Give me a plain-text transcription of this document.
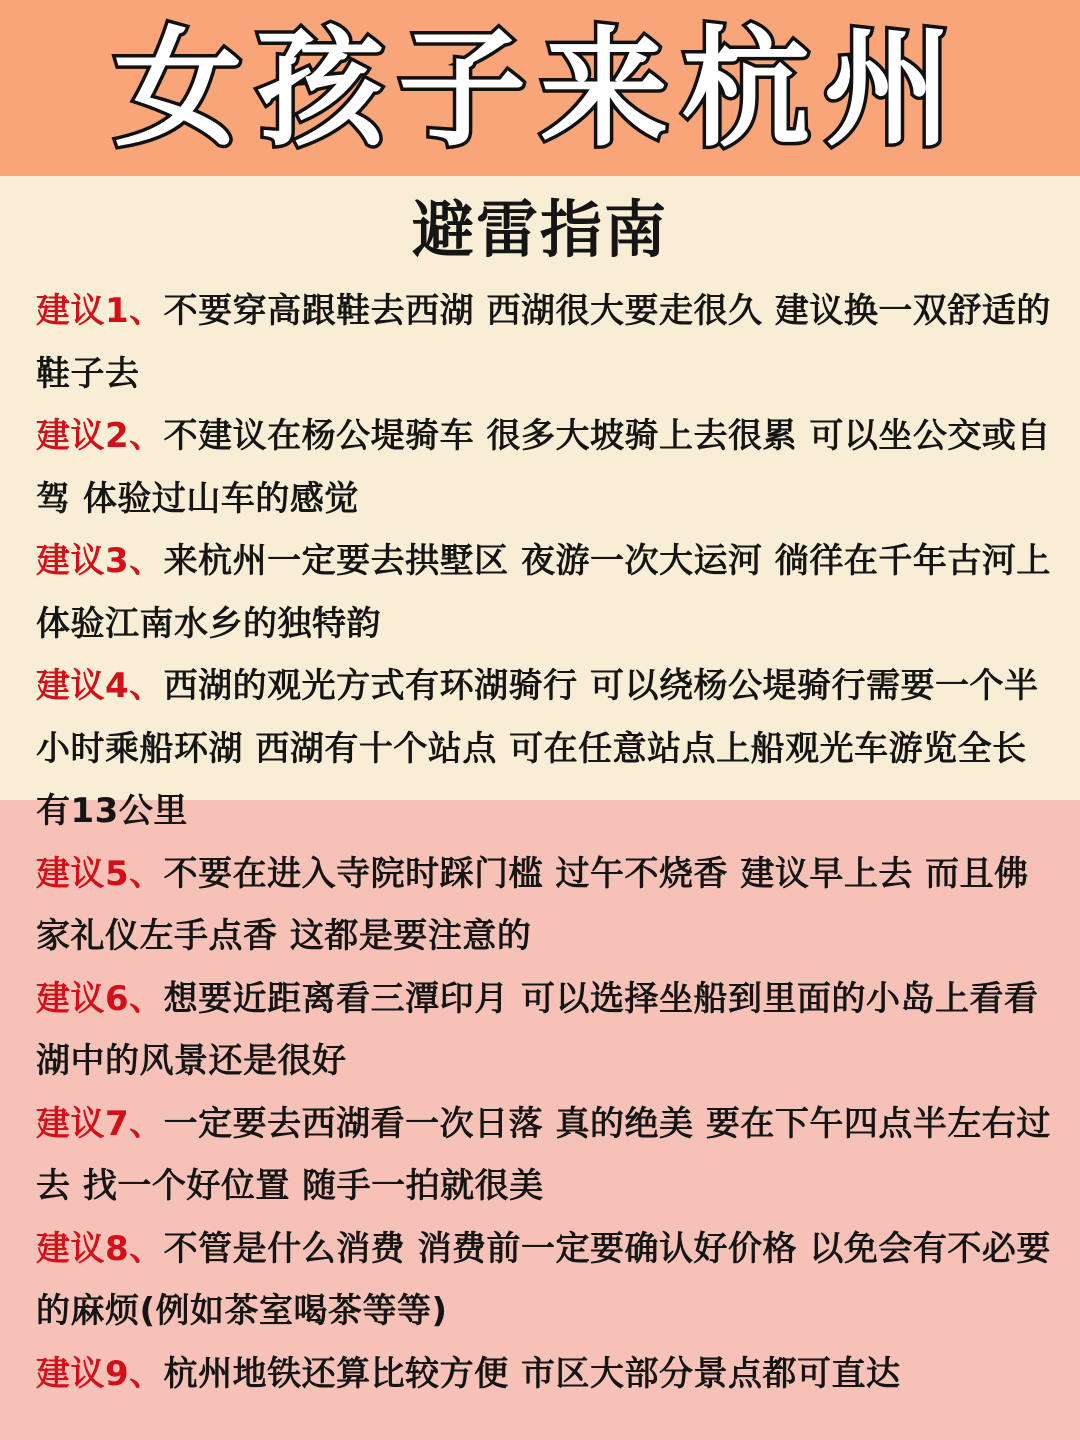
女孩子来杭州
避雷指南
建议1、不要穿高跟鞋去西湖 西湖很大要走很久 建议换一双舒适的鞋子去
建议2、不建议在杨公堤骑车 很多大坡骑上去很累 可以坐公交或自驾 体验过山车的感觉
建议3、来杭州一定要去拱墅区 夜游一次大运河 徜徉在千年古河上 体验江南水乡的独特韵
建议4、西湖的观光方式有环湖骑行 可以绕杨公堤骑行需要一个半小时乘船环湖 西湖有十个站点 可在任意站点上船观光车游览全长有13公里
建议5、不要在进入寺院时踩门槛 过午不烧香 建议早上去 而且佛家礼仪左手点香 这都是要注意的
建议6、想要近距离看三潭印月 可以选择坐船到里面的小岛上看看湖中的风景还是很好
建议7、一定要去西湖看一次日落 真的绝美 要在下午四点半左右过去 找一个好位置 随手一拍就很美
建议8、不管是什么消费 消费前一定要确认好价格 以免会有不必要的麻烦(例如茶室喝茶等等)
建议9、杭州地铁还算比较方便 市区大部分景点都可直达
